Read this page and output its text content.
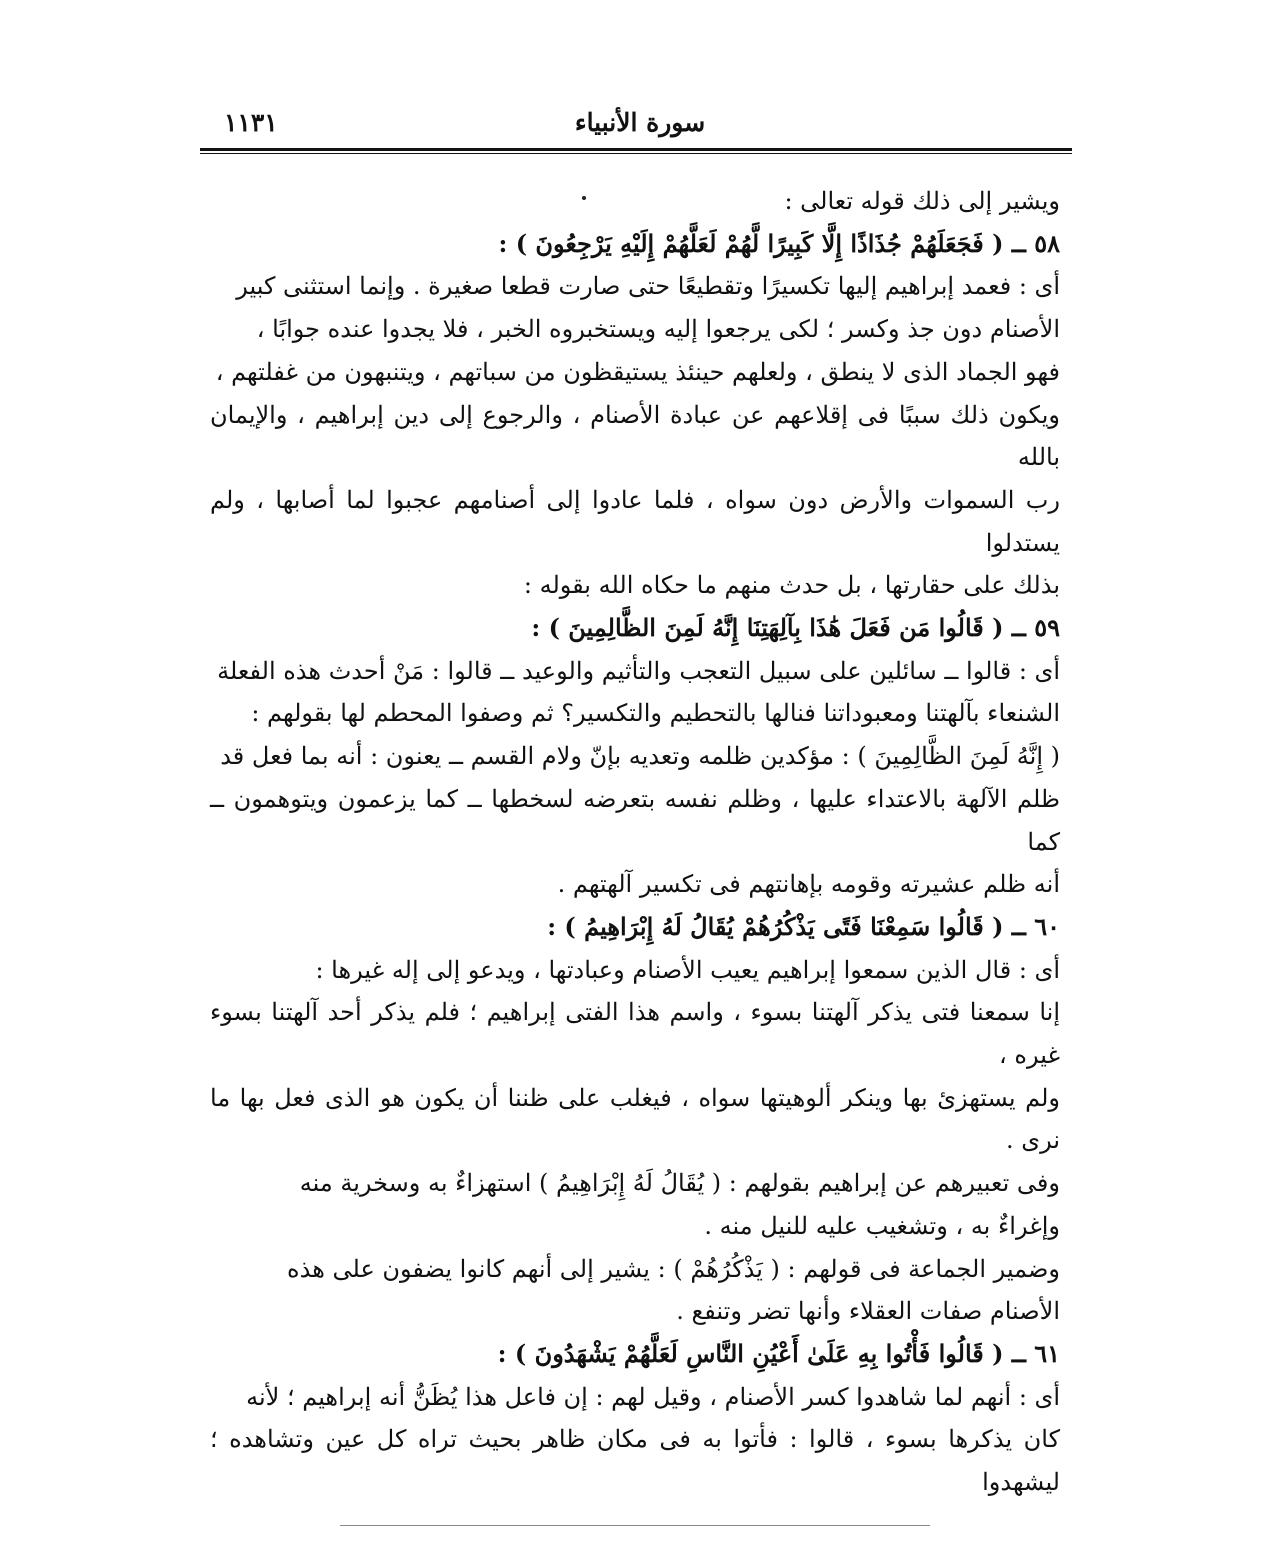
سورة الأنبياء
١١٣١

ويشير إلى ذلك قوله تعالى :

٥٨ ــ ( فَجَعَلَهُمْ جُذَاذًا إِلَّا كَبِيرًا لَّهُمْ لَعَلَّهُمْ إِلَيْهِ يَرْجِعُونَ ) :

أى : فعمد إبراهيم إليها تكسيرًا وتقطيعًا حتى صارت قطعا صغيرة . وإنما استثنى كبير

الأصنام دون جذ وكسر ؛ لكى يرجعوا إليه ويستخبروه الخبر ، فلا يجدوا عنده جوابًا ،

فهو الجماد الذى لا ينطق ، ولعلهم حينئذ يستيقظون من سباتهم ، ويتنبهون من غفلتهم ،

ويكون ذلك سببًا فى إقلاعهم عن عبادة الأصنام ، والرجوع إلى دين إبراهيم ، والإيمان بالله

رب السموات والأرض دون سواه ، فلما عادوا إلى أصنامهم عجبوا لما أصابها ، ولم يستدلوا

بذلك على حقارتها ، بل حدث منهم ما حكاه الله بقوله :

٥٩ ــ ( قَالُوا مَن فَعَلَ هَٰذَا بِآلِهَتِنَا إِنَّهُ لَمِنَ الظَّالِمِينَ ) :

أى : قالوا ــ سائلين على سبيل التعجب والتأثيم والوعيد ــ قالوا : مَنْ أحدث هذه الفعلة

الشنعاء بآلهتنا ومعبوداتنا فنالها بالتحطيم والتكسير؟ ثم وصفوا المحطم لها بقولهم :

( إِنَّهُ لَمِنَ الظَّالِمِينَ ) : مؤكدين ظلمه وتعديه بإنّ ولام القسم ــ يعنون : أنه بما فعل قد

ظلم الآلهة بالاعتداء عليها ، وظلم نفسه بتعرضه لسخطها ــ كما يزعمون ويتوهمون ــ كما

أنه ظلم عشيرته وقومه بإهانتهم فى تكسير آلهتهم .

٦٠ ــ ( قَالُوا سَمِعْنَا فَتًى يَذْكُرُهُمْ يُقَالُ لَهُ إِبْرَاهِيمُ ) :

أى : قال الذين سمعوا إبراهيم يعيب الأصنام وعبادتها ، ويدعو إلى إله غيرها :

إنا سمعنا فتى يذكر آلهتنا بسوء ، واسم هذا الفتى إبراهيم ؛ فلم يذكر أحد آلهتنا بسوء غيره ،

ولم يستهزئ بها وينكر ألوهيتها سواه ، فيغلب على ظننا أن يكون هو الذى فعل بها ما نرى .

وفى تعبيرهم عن إبراهيم بقولهم : ( يُقَالُ لَهُ إِبْرَاهِيمُ ) استهزاءٌ به وسخرية منه

وإغراءٌ به ، وتشغيب عليه للنيل منه .

وضمير الجماعة فى قولهم : ( يَذْكُرُهُمْ ) : يشير إلى أنهم كانوا يضفون على هذه

الأصنام صفات العقلاء وأنها تضر وتنفع .

٦١ ــ ( قَالُوا فَأْتُوا بِهِ عَلَىٰ أَعْيُنِ النَّاسِ لَعَلَّهُمْ يَشْهَدُونَ ) :

أى : أنهم لما شاهدوا كسر الأصنام ، وقيل لهم : إن فاعل هذا يُظَنُّ أنه إبراهيم ؛ لأنه

كان يذكرها بسوء ، قالوا : فأتوا به فى مكان ظاهر بحيث تراه كل عين وتشاهده ؛ ليشهدوا
